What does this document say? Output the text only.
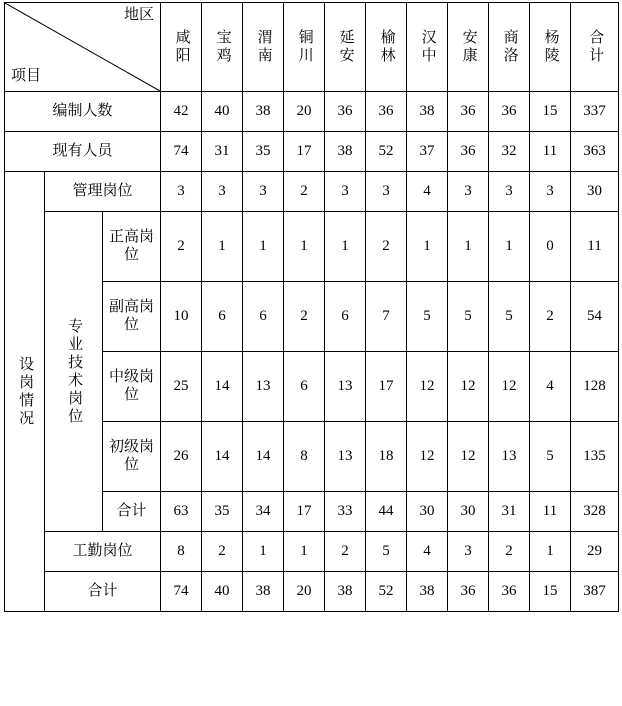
地区
项目			咸阳	宝鸡	渭南	铜川	延安	榆林	汉中	安康	商洛	杨陵	合计

编制人数			42	40	38	20	36	36	38	36	36	15	337
现有人员			74	31	35	17	38	52	37	36	32	11	363

设岗情况	管理岗位		3	3	3	2	3	3	4	3	3	3	30

	专业技术岗位	正高岗位	2	1	1	1	1	2	1	1	1	0	11
		副高岗位	10	6	6	2	6	7	5	5	5	2	54
		中级岗位	25	14	13	6	13	17	12	12	12	4	128
		初级岗位	26	14	14	8	13	18	12	12	13	5	135
		合计	63	35	34	17	33	44	30	30	31	11	328
	工勤岗位		8	2	1	1	2	5	4	3	2	1	29
	合计		74	40	38	20	38	52	38	36	36	15	387
